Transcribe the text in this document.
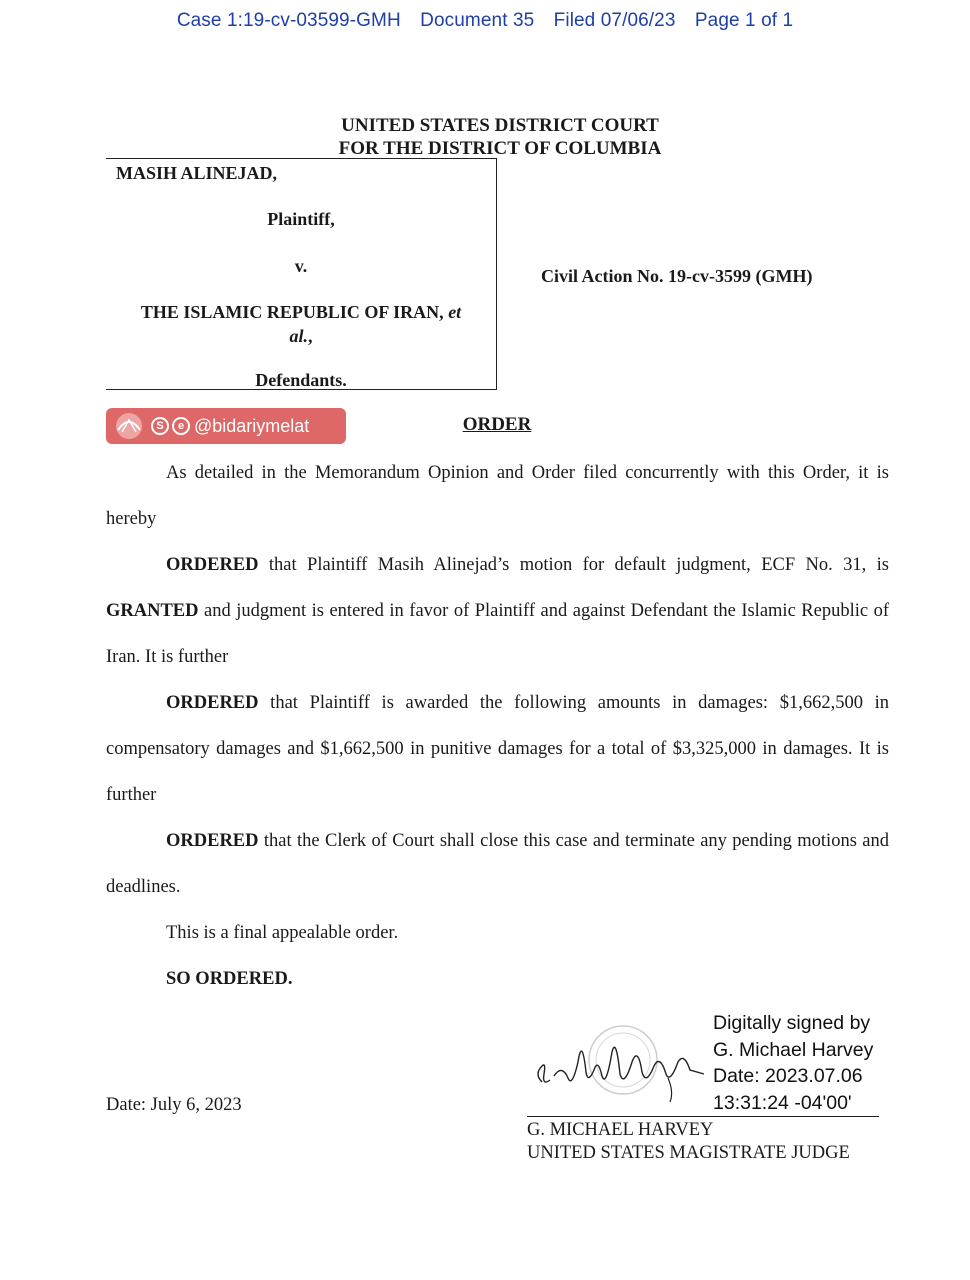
Case 1:19-cv-03599-GMH Document 35 Filed 07/06/23 Page 1 of 1
UNITED STATES DISTRICT COURT
FOR THE DISTRICT OF COLUMBIA
MASIH ALINEJAD,
Plaintiff,
v.
THE ISLAMIC REPUBLIC OF IRAN, et
al.,
Defendants.
Civil Action No. 19-cv-3599 (GMH)
S	e @bidariymelat	ORDER
As detailed in the Memorandum Opinion and Order filed concurrently with this Order, it is hereby
ORDERED that Plaintiff Masih Alinejad’s motion for default judgment, ECF No. 31, is GRANTED and judgment is entered in favor of Plaintiff and against Defendant the Islamic Republic of Iran. It is further
ORDERED that Plaintiff is awarded the following amounts in damages: $1,662,500 in compensatory damages and $1,662,500 in punitive damages for a total of $3,325,000 in damages. It is further
ORDERED that the Clerk of Court shall close this case and terminate any pending motions and deadlines.
This is a final appealable order.
SO ORDERED.
Digitally signed by
G. Michael Harvey
Date: 2023.07.06
13:31:24 -04'00'
G. MICHAEL HARVEY
UNITED STATES MAGISTRATE JUDGE
Date: July 6, 2023
